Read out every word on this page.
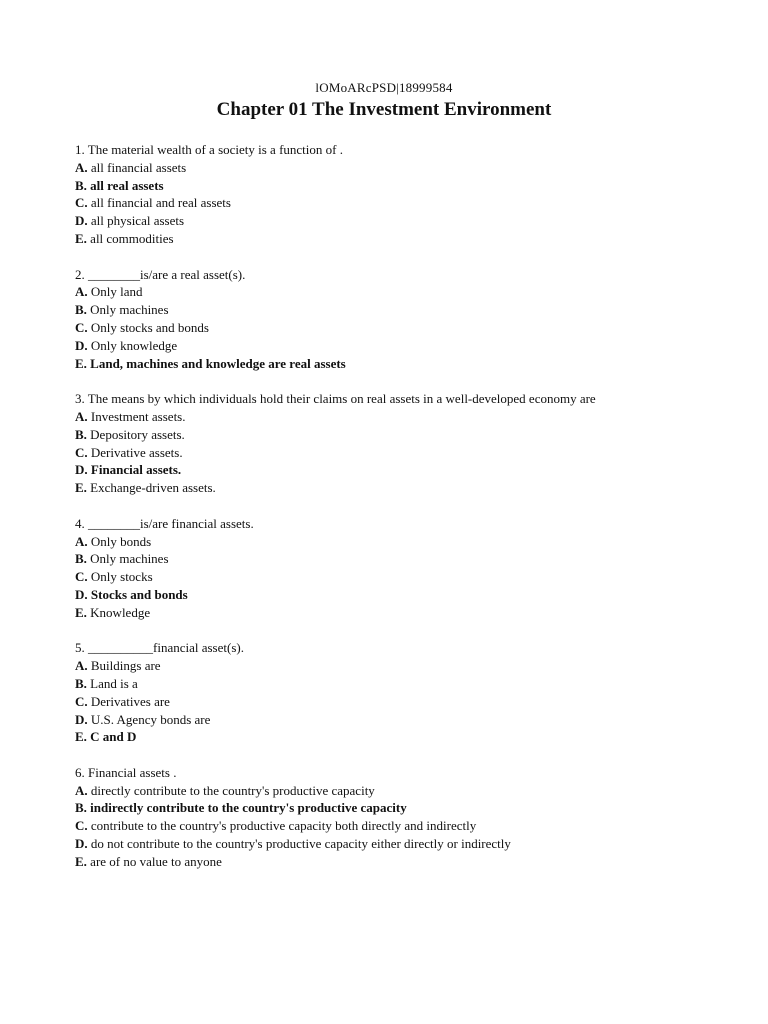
lOMoARcPSD|18999584
Chapter 01 The Investment Environment
1. The material wealth of a society is a function of .
A. all financial assets
B. all real assets
C. all financial and real assets
D. all physical assets
E. all commodities
2. ________is/are a real asset(s).
A. Only land
B. Only machines
C. Only stocks and bonds
D. Only knowledge
E. Land, machines and knowledge are real assets
3. The means by which individuals hold their claims on real assets in a well-developed economy are
A. Investment assets.
B. Depository assets.
C. Derivative assets.
D. Financial assets.
E. Exchange-driven assets.
4. ________is/are financial assets.
A. Only bonds
B. Only machines
C. Only stocks
D. Stocks and bonds
E. Knowledge
5. __________financial asset(s).
A. Buildings are
B. Land is a
C. Derivatives are
D. U.S. Agency bonds are
E. C and D
6. Financial assets .
A. directly contribute to the country's productive capacity
B. indirectly contribute to the country's productive capacity
C. contribute to the country's productive capacity both directly and indirectly
D. do not contribute to the country's productive capacity either directly or indirectly
E. are of no value to anyone
